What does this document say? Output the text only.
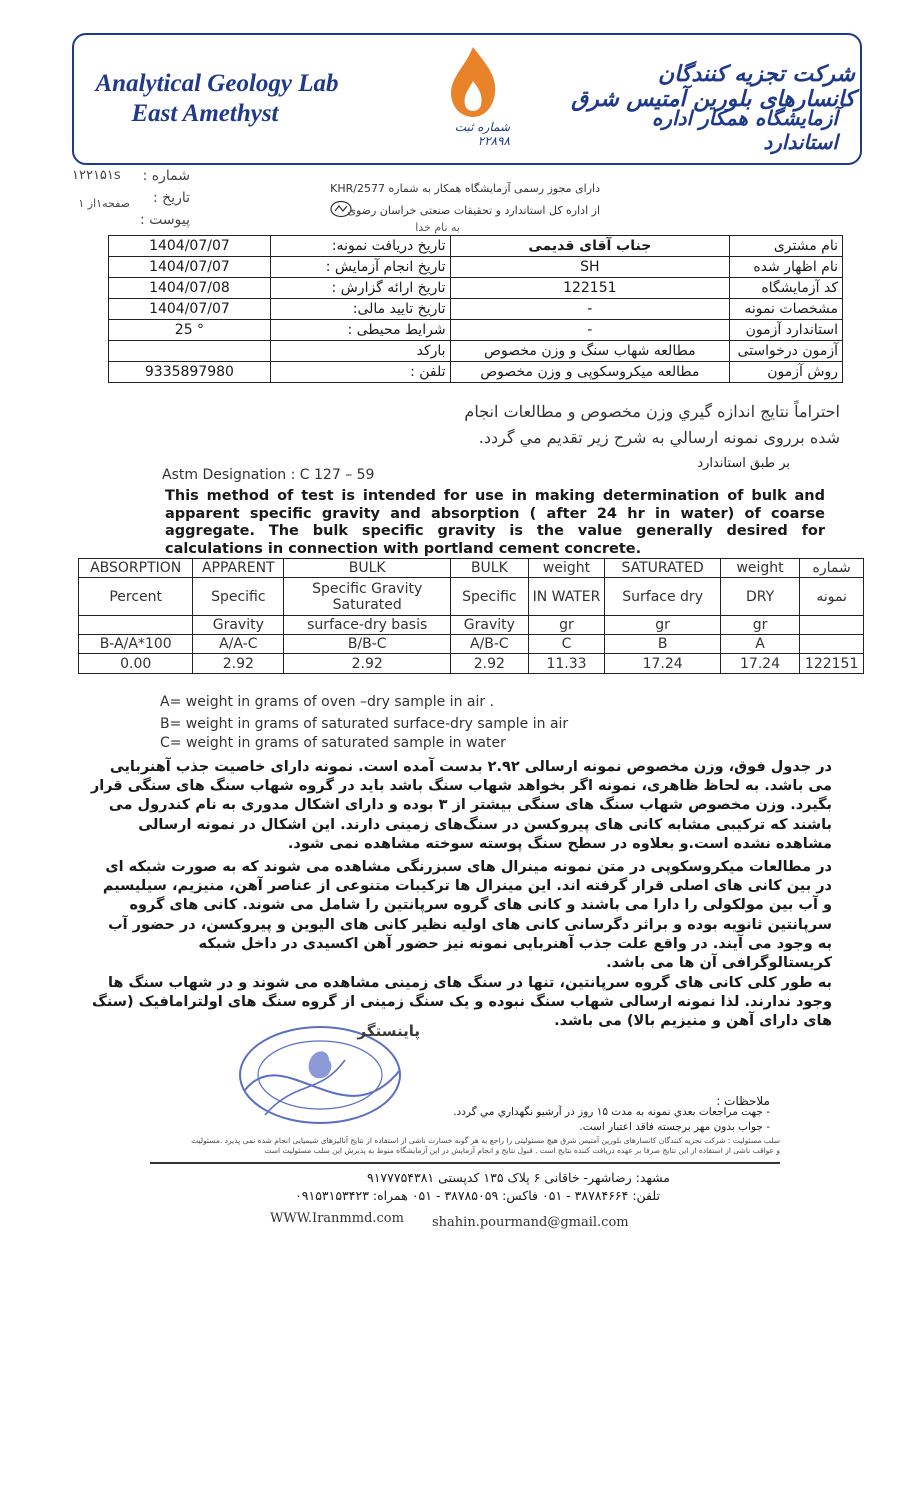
Analytical Geology Lab
East Amethyst
شرکت تجزیه کنندگان کانسارهای بلورین آمتیس شرق
آزمایشگاه همکار اداره استاندارد
شماره ثبت ۲۲۸۹۸
شماره :
۱۲۲۱۵۱s
تاریخ :
صفحه۱از ۱
پیوست :
دارای مجوز رسمی آزمایشگاه همکار به شماره KHR/2577
از اداره کل استاندارد و تحقیقات صنعتی خراسان رضوی
به نام خدا
1404/07/07	تاریخ دریافت نمونه:	جناب آقای قدیمی	نام مشتری
1404/07/07	تاریخ انجام آزمایش :	SH	نام اظهار شده
1404/07/08	تاریخ ارائه گزارش :	122151	کد آزمایشگاه
1404/07/07	تاریخ تایید مالی:	-	مشخصات نمونه
25 °	شرایط محیطی :	-	استاندارد آزمون
	بارکد	مطالعه شهاب سنگ و وزن مخصوص	آزمون درخواستی
9335897980	تلفن :	مطالعه میکروسکوپی و وزن مخصوص	روش آزمون
احتراماً نتایج اندازه گیري وزن مخصوص و مطالعات انجام
شده برروی نمونه ارسالي به شرح زير تقديم مي گردد.
بر طبق استاندارد
Astm Designation : C 127 – 59
This method of test is intended for use in making determination of bulk and apparent specific gravity and absorption ( after 24 hr in water) of coarse aggregate. The bulk specific gravity is the value generally desired for calculations in connection with portland cement concrete.
ABSORPTION	APPARENT	BULK	BULK	weight	SATURATED	weight	شماره
Percent	Specific	Specific Gravity Saturated	Specific	IN WATER	Surface dry	DRY	نمونه
	Gravity	surface-dry basis	Gravity	gr	gr	gr	
B-A/A*100	A/A-C	B/B-C	A/B-C	C	B	A	
0.00	2.92	2.92	2.92	11.33	17.24	17.24	122151
A= weight in grams of oven –dry sample in air .
B= weight in grams of saturated surface-dry sample in air
C= weight in grams of saturated sample in water
در جدول فوق، وزن مخصوص نمونه ارسالی ۲.۹۲ بدست آمده است. نمونه دارای خاصیت جذب آهنربایی می باشد. به لحاظ ظاهری، نمونه اگر بخواهد شهاب سنگ باشد باید در گروه شهاب سنگ های سنگی قرار بگیرد. وزن مخصوص شهاب سنگ های سنگی بیشتر از ۳ بوده و دارای اشکال مدوری به نام کندرول می باشند که ترکیبی مشابه کانی های پیروکسن در سنگ‌های زمینی دارند. این اشکال در نمونه ارسالی مشاهده نشده است.و بعلاوه در سطح سنگ پوسته سوخته مشاهده نمی شود.
در مطالعات میکروسکوپی در متن نمونه مینرال های سبزرنگی مشاهده می شوند که به صورت شبکه ای در بین کانی های اصلی قرار گرفته اند. این مینرال ها ترکیبات متنوعی از عناصر آهن، منیزیم، سیلیسیم و آب بین مولکولی را دارا می باشند و کانی های گروه سرپانتین را شامل می شوند. کانی های گروه سرپانتین ثانویه بوده و براثر دگرسانی کانی های اولیه نظیر کانی های الیوین و پیروکسن، در حضور آب به وجود می آیند. در واقع علت جذب آهنربایی نمونه نیز حضور آهن اکسیدی در داخل شبکه کریستالوگرافی آن ها می باشد.
به طور کلی کانی های گروه سرپانتین، تنها در سنگ های زمینی مشاهده می شوند و در شهاب سنگ ها وجود ندارند. لذا نمونه ارسالی شهاب سنگ نبوده و یک سنگ زمینی از گروه سنگ های اولترامافیک (سنگ های دارای آهن و منیزیم بالا) می باشد.
پاینستگر
ملاحظات :
- جهت مراجعات بعدي نمونه به مدت ۱۵ روز در آرشيو نگهداري مي گردد.
- جواب بدون مهر برجسته فاقد اعتبار است.
سلب مسئولیت : شرکت تجزیه کنندگان کانسارهای بلورین آمتیس شرق هیچ مسئولیتی را راجع به هر گونه خسارت ناشی از استفاده از نتایج آنالیزهای شیمیایی انجام شده نمی پذیرد .مسئولیت
و عواقب ناشی از استفاده از این نتایج صرفا بر عهده دریافت کننده نتایج است . قبول نتایج و انجام آزمایش در این آزمایشگاه منوط به پذیرش این سلب مسئولیت است
مشهد: رضاشهر- خاقانی ۶ پلاک ۱۳۵ کدپستی ۹۱۷۷۷۵۴۳۸۱
تلفن: ۳۸۷۸۴۶۶۴ - ۰۵۱ فاکس: ۳۸۷۸۵۰۵۹ - ۰۵۱ همراه: ۰۹۱۵۳۱۵۳۴۲۳
WWW.Iranmmd.com shahin.pourmand@gmail.com
